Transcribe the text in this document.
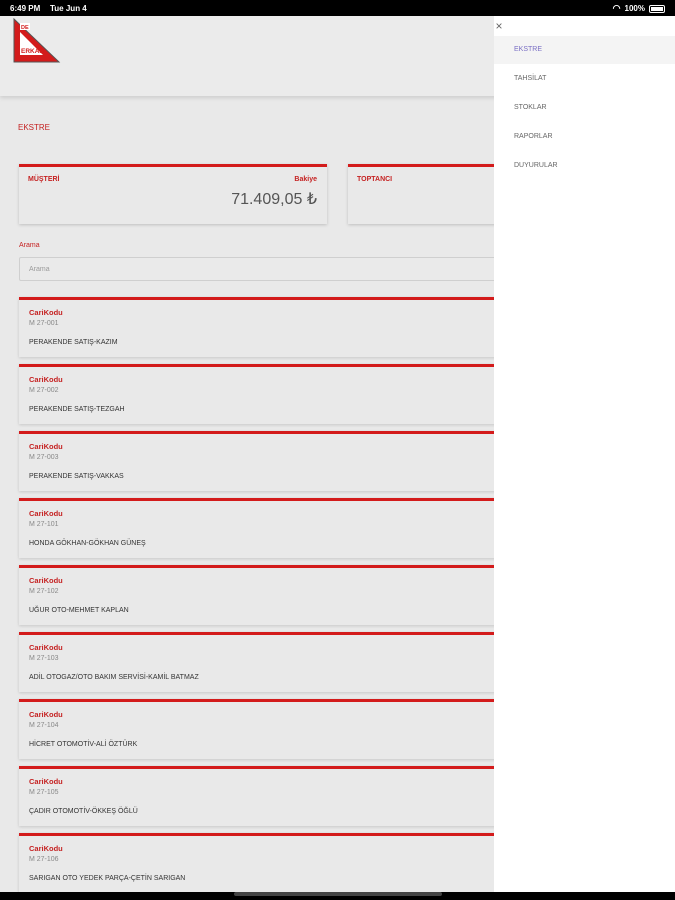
6:49 PM Tue Jun 4	◠ 100%
DE
ERKAN
EKSTRE
MÜŞTERİ	Bakiye
71.409,05 ₺
TOPTANCI
Arama
Arama
CariKodu
M 27-001
PERAKENDE SATIŞ-KAZIM
CariKodu
M 27-002
PERAKENDE SATIŞ-TEZGAH
CariKodu
M 27-003
PERAKENDE SATIŞ-VAKKAS
CariKodu
M 27-101
HONDA GÖKHAN-GÖKHAN GÜNEŞ
CariKodu
M 27-102
UĞUR OTO-MEHMET KAPLAN
CariKodu
M 27-103
ADİL OTOGAZ/OTO BAKIM SERVİSİ-KAMİL BATMAZ
CariKodu
M 27-104
HİCRET OTOMOTİV-ALİ ÖZTÜRK
CariKodu
M 27-105
ÇADIR OTOMOTİV-ÖKKEŞ ÖĞLÜ
CariKodu
M 27-106
SARIGAN OTO YEDEK PARÇA-ÇETİN SARIGAN
×
EKSTRE
TAHSİLAT
STOKLAR
RAPORLAR
DUYURULAR
